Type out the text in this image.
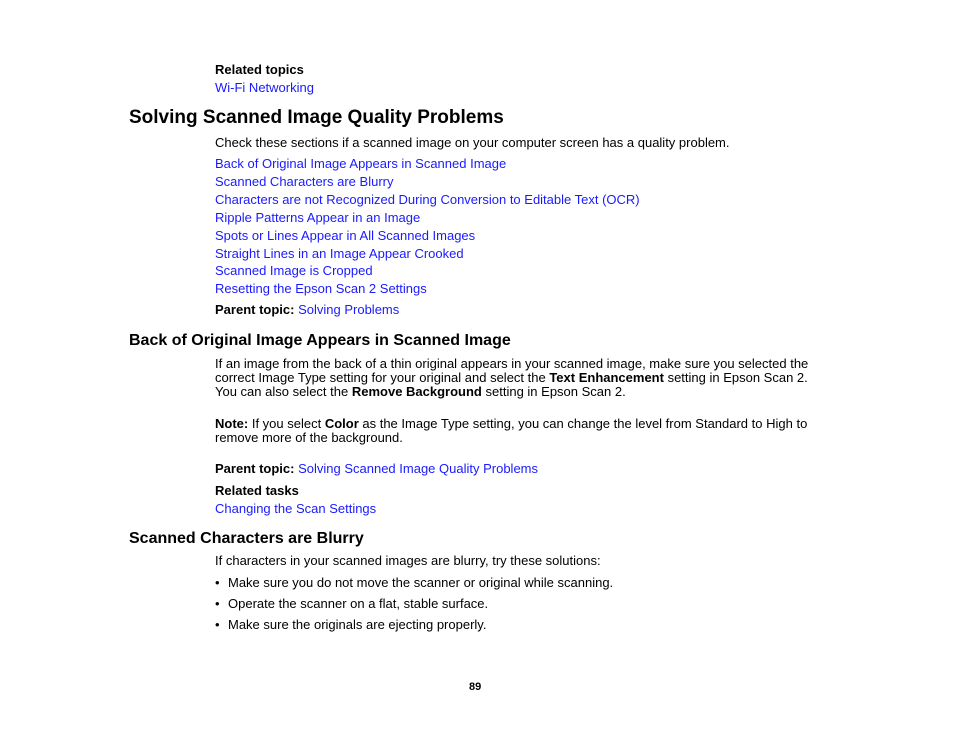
Related topics
Wi-Fi Networking
Solving Scanned Image Quality Problems
Check these sections if a scanned image on your computer screen has a quality problem.
Back of Original Image Appears in Scanned Image
Scanned Characters are Blurry
Characters are not Recognized During Conversion to Editable Text (OCR)
Ripple Patterns Appear in an Image
Spots or Lines Appear in All Scanned Images
Straight Lines in an Image Appear Crooked
Scanned Image is Cropped
Resetting the Epson Scan 2 Settings
Parent topic: Solving Problems
Back of Original Image Appears in Scanned Image
If an image from the back of a thin original appears in your scanned image, make sure you selected the
correct Image Type setting for your original and select the Text Enhancement setting in Epson Scan 2.
You can also select the Remove Background setting in Epson Scan 2.
Note: If you select Color as the Image Type setting, you can change the level from Standard to High to
remove more of the background.
Parent topic: Solving Scanned Image Quality Problems
Related tasks
Changing the Scan Settings
Scanned Characters are Blurry
If characters in your scanned images are blurry, try these solutions:
• Make sure you do not move the scanner or original while scanning.
• Operate the scanner on a flat, stable surface.
• Make sure the originals are ejecting properly.
89
